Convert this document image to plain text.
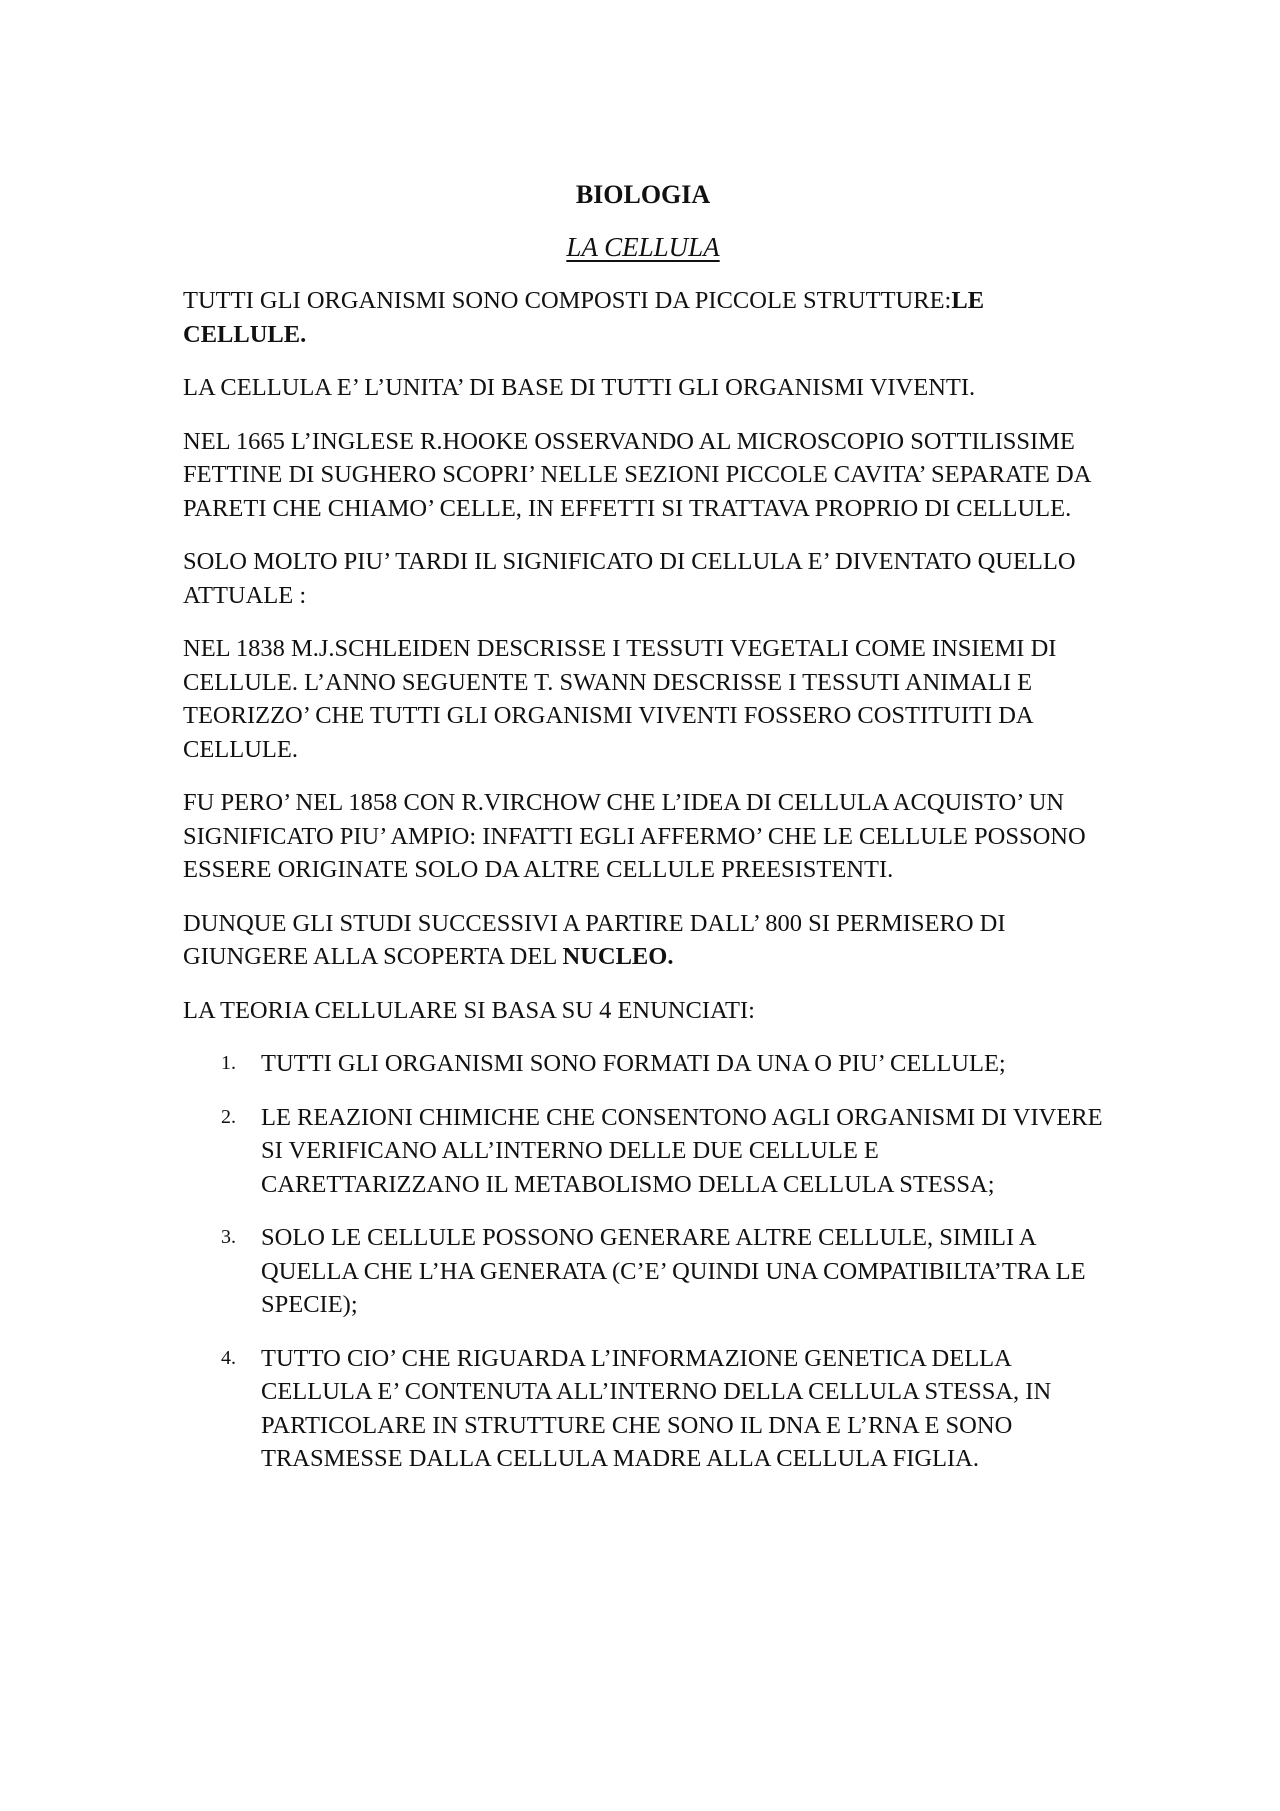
BIOLOGIA
LA CELLULA

TUTTI GLI ORGANISMI SONO COMPOSTI DA PICCOLE STRUTTURE:LE CELLULE.

LA CELLULA E’ L’UNITA’ DI BASE DI TUTTI GLI ORGANISMI VIVENTI.

NEL 1665 L’INGLESE R.HOOKE OSSERVANDO AL MICROSCOPIO SOTTILISSIME FETTINE DI SUGHERO SCOPRI’ NELLE SEZIONI PICCOLE CAVITA’ SEPARATE DA PARETI CHE CHIAMO’ CELLE, IN EFFETTI SI TRATTAVA PROPRIO DI CELLULE.

SOLO MOLTO PIU’ TARDI IL SIGNIFICATO DI CELLULA E’ DIVENTATO QUELLO ATTUALE :

NEL 1838 M.J.SCHLEIDEN DESCRISSE I TESSUTI VEGETALI COME INSIEMI DI CELLULE. L’ANNO SEGUENTE T. SWANN DESCRISSE I TESSUTI ANIMALI E TEORIZZO’ CHE TUTTI GLI ORGANISMI VIVENTI FOSSERO COSTITUITI DA CELLULE.

FU PERO’ NEL 1858 CON R.VIRCHOW CHE L’IDEA DI CELLULA ACQUISTO’ UN SIGNIFICATO PIU’ AMPIO: INFATTI EGLI AFFERMO’ CHE LE CELLULE POSSONO ESSERE ORIGINATE SOLO DA ALTRE CELLULE PREESISTENTI.

DUNQUE GLI STUDI SUCCESSIVI A PARTIRE DALL’ 800 SI PERMISERO DI GIUNGERE ALLA SCOPERTA DEL NUCLEO.

LA TEORIA CELLULARE SI BASA SU 4 ENUNCIATI:

1. TUTTI GLI ORGANISMI SONO FORMATI DA UNA O PIU’ CELLULE;
2. LE REAZIONI CHIMICHE CHE CONSENTONO AGLI ORGANISMI DI VIVERE SI VERIFICANO ALL’INTERNO DELLE DUE CELLULE E CARETTARIZZANO IL METABOLISMO DELLA CELLULA STESSA;
3. SOLO LE CELLULE POSSONO GENERARE ALTRE CELLULE, SIMILI A QUELLA CHE L’HA GENERATA (C’E’ QUINDI UNA COMPATIBILTA’TRA LE SPECIE);
4. TUTTO CIO’ CHE RIGUARDA L’INFORMAZIONE GENETICA DELLA CELLULA E’ CONTENUTA ALL’INTERNO DELLA CELLULA STESSA, IN PARTICOLARE IN STRUTTURE CHE SONO IL DNA E L’RNA E SONO TRASMESSE DALLA CELLULA MADRE ALLA CELLULA FIGLIA.
